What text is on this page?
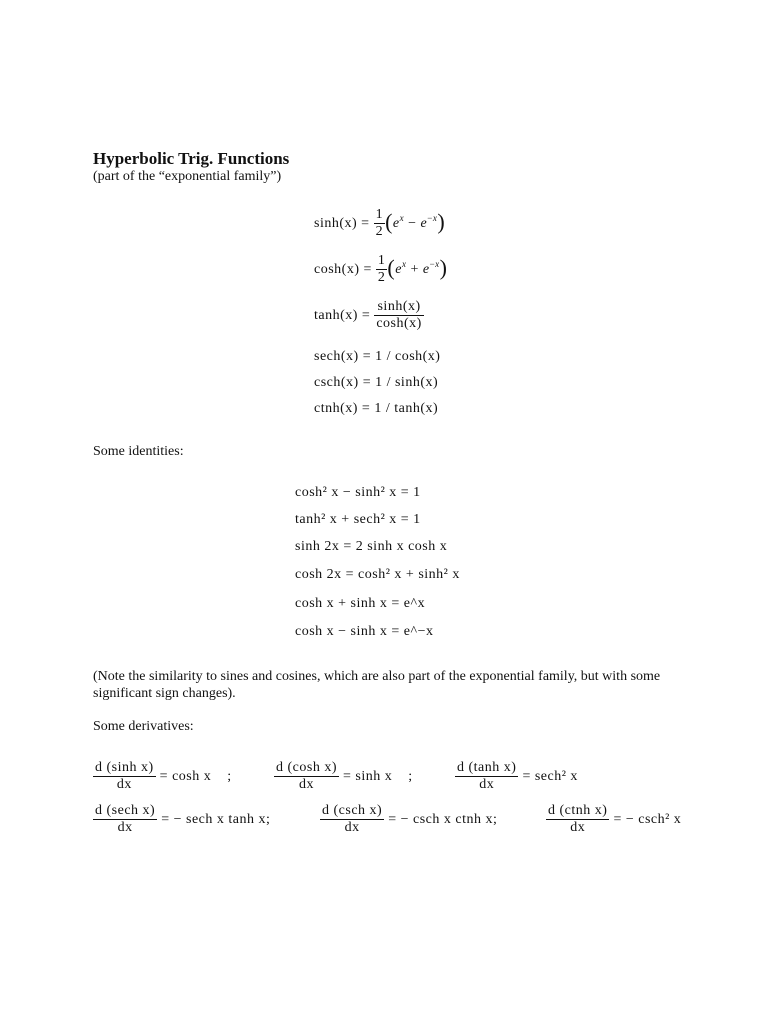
Hyperbolic Trig. Functions
(part of the “exponential family”)
$\sinh(x) = \frac{1}{2} (e^x - e^{-x})$
$\cosh(x) = \frac{1}{2} (e^x + e^{-x})$
$\tanh(x) = \frac{\sinh(x)}{\cosh(x)}$
sech(x) = 1 / cosh(x)
csch(x) = 1 / sinh(x)
ctnh(x) = 1 / tanh(x)
Some identities:
cosh² x − sinh² x = 1
tanh² x + sech² x = 1
sinh 2x = 2 sinh x cosh x
cosh 2x = cosh² x + sinh² x
cosh x + sinh x = e^x
cosh x − sinh x = e^−x
(Note the similarity to sines and cosines, which are also part of the exponential family, but with some significant sign changes).
Some derivatives:
$\frac{\text{d (sinh x)}}{dx} = \cosh x$ ;	$\frac{\text{d (cosh x)}}{dx} = \sinh x$ ;	$\frac{\text{d (tanh x)}}{dx} = \sec h^2$ x
$\frac{\text{d (sech x)}}{dx}$ = − sech x tanh x;	$\frac{\text{d (csch x)}}{dx}$ = − csch x ctnh x;	$\frac{\text{d (ctnh x)}}{dx}$ = − csch² x
